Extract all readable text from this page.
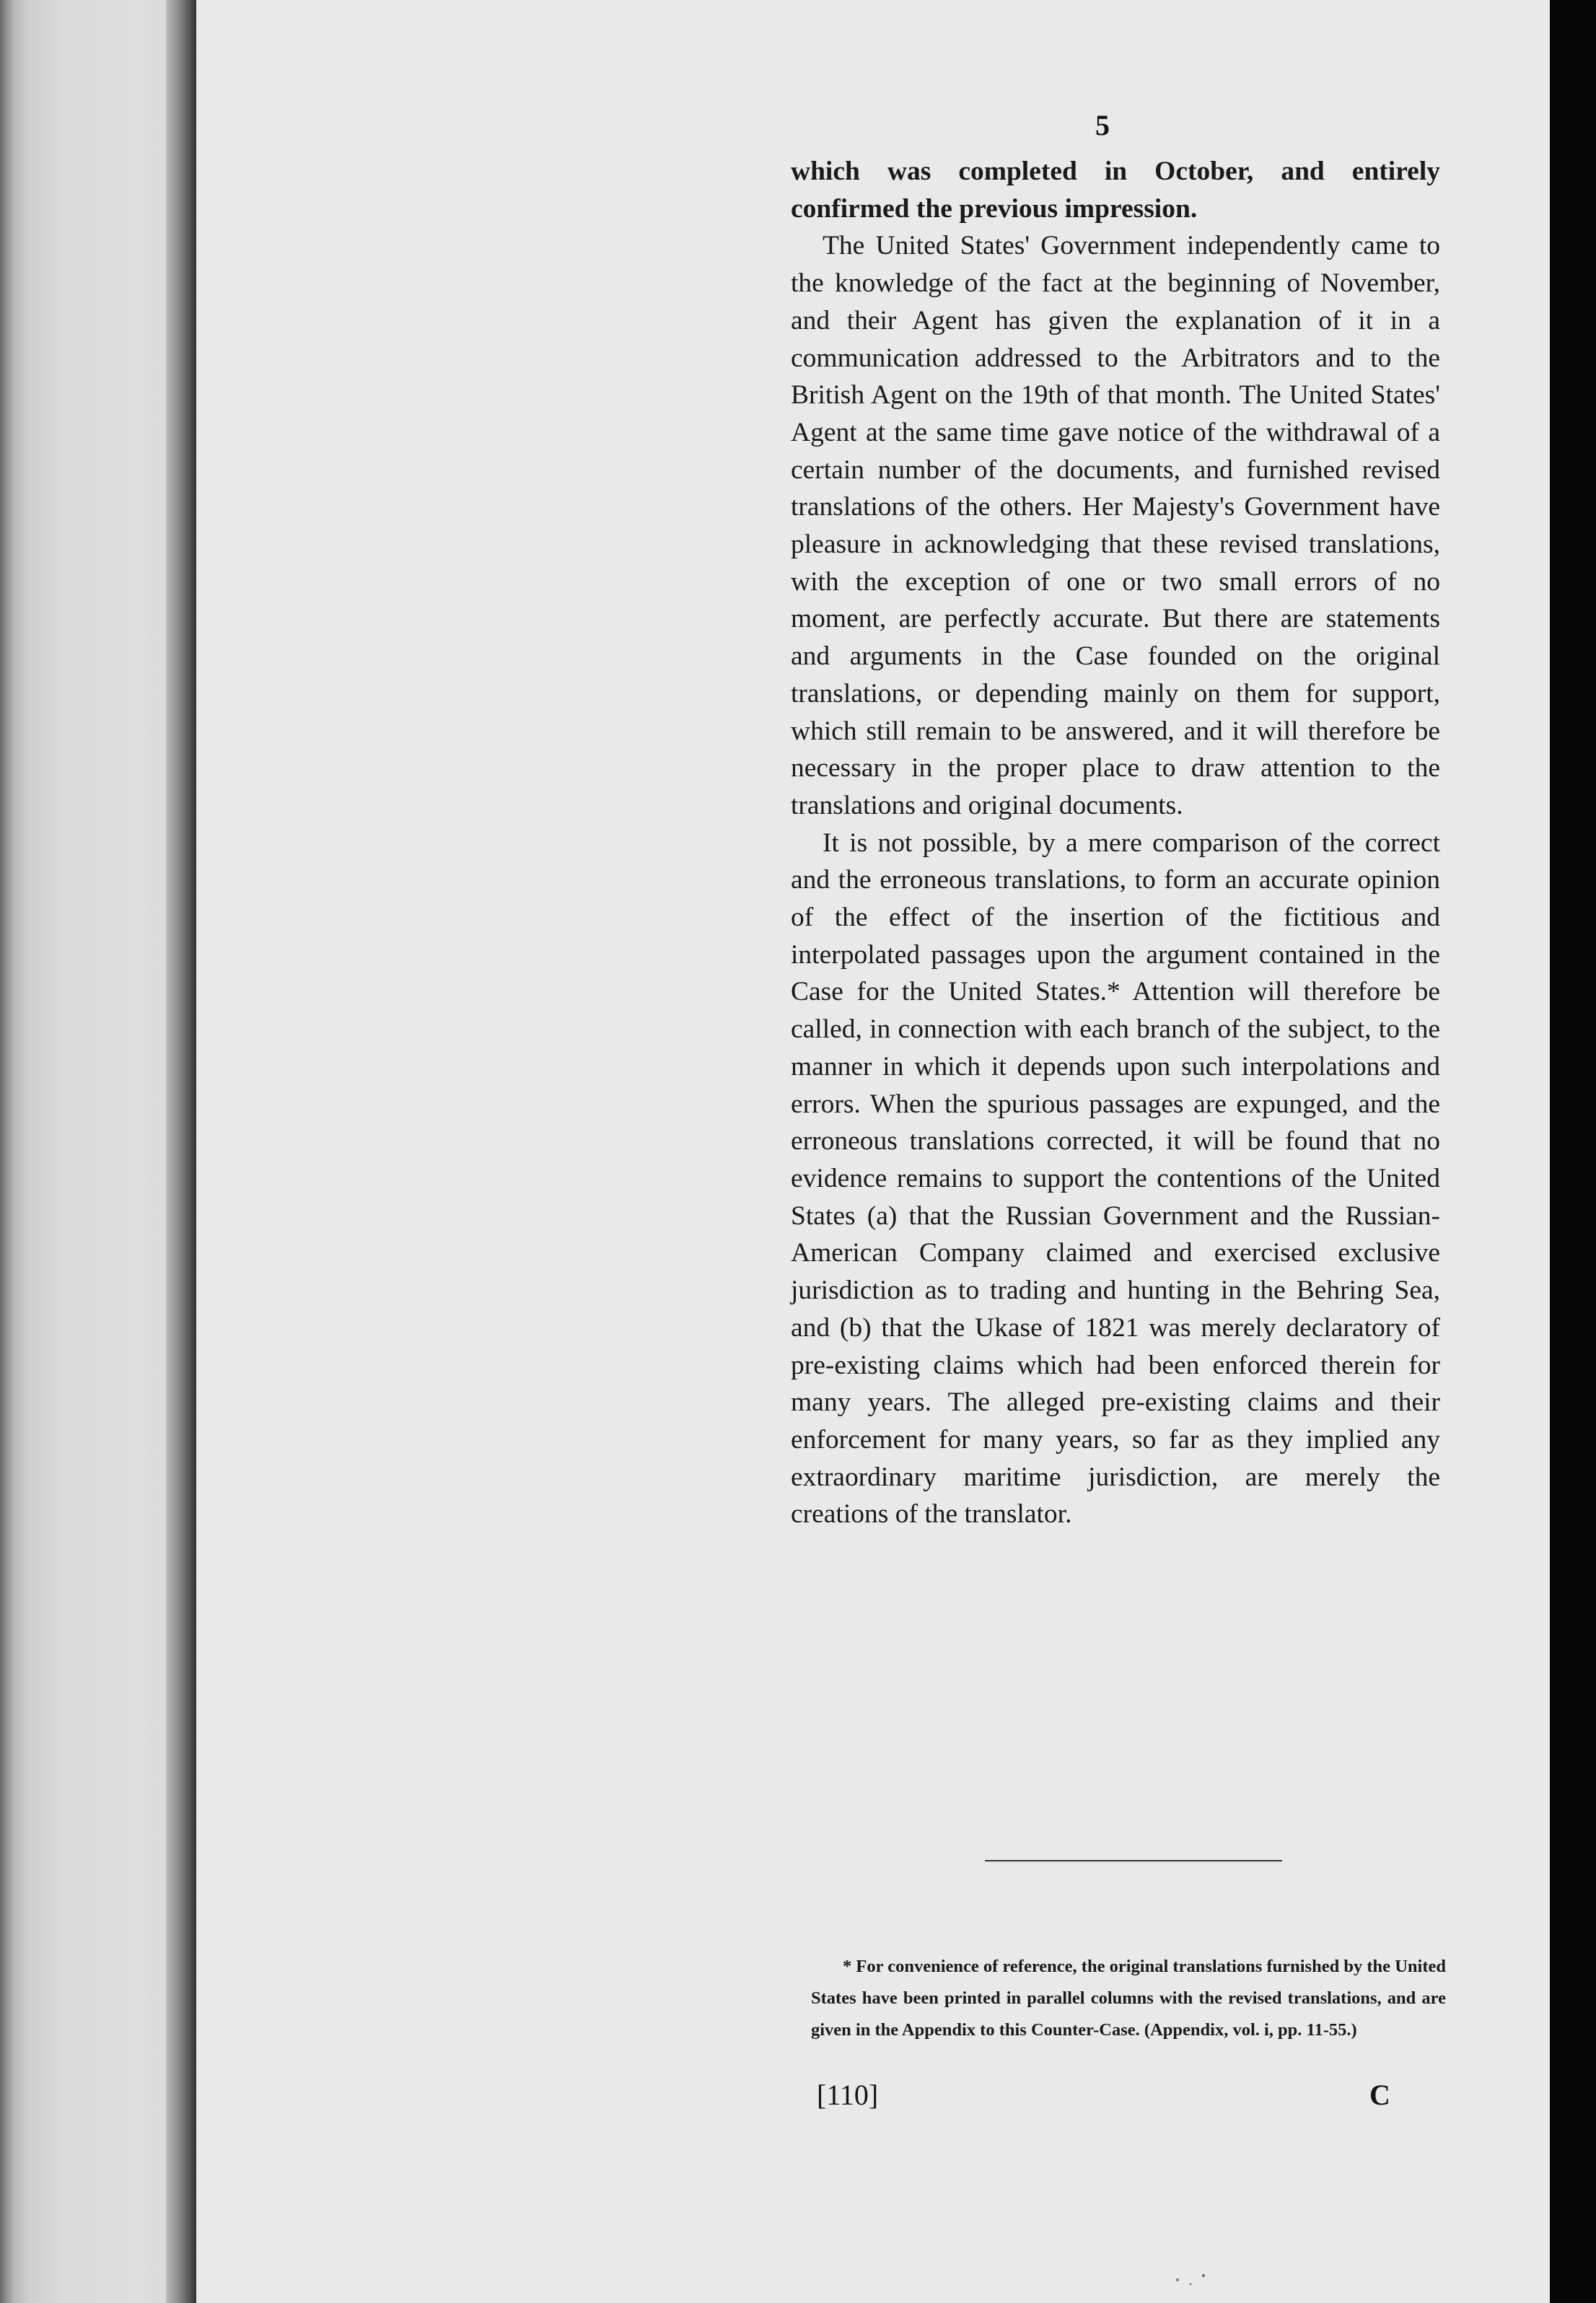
5

which was completed in October, and entirely confirmed the previous impression.

The United States' Government independently came to the knowledge of the fact at the beginning of November, and their Agent has given the explanation of it in a communication addressed to the Arbitrators and to the British Agent on the 19th of that month. The United States' Agent at the same time gave notice of the withdrawal of a certain number of the documents, and furnished revised translations of the others. Her Majesty's Government have pleasure in acknowledging that these revised translations, with the exception of one or two small errors of no moment, are perfectly accurate. But there are statements and arguments in the Case founded on the original translations, or depending mainly on them for support, which still remain to be answered, and it will therefore be necessary in the proper place to draw attention to the translations and original documents.

It is not possible, by a mere comparison of the correct and the erroneous translations, to form an accurate opinion of the effect of the insertion of the fictitious and interpolated passages upon the argument contained in the Case for the United States.* Attention will therefore be called, in connection with each branch of the subject, to the manner in which it depends upon such interpolations and errors. When the spurious passages are expunged, and the erroneous translations corrected, it will be found that no evidence remains to support the contentions of the United States (a) that the Russian Government and the Russian-American Company claimed and exercised exclusive jurisdiction as to trading and hunting in the Behring Sea, and (b) that the Ukase of 1821 was merely declaratory of pre-existing claims which had been enforced therein for many years. The alleged pre-existing claims and their enforcement for many years, so far as they implied any extraordinary maritime jurisdiction, are merely the creations of the translator.

* For convenience of reference, the original translations furnished by the United States have been printed in parallel columns with the revised translations, and are given in the Appendix to this Counter-Case. (Appendix, vol. i, pp. 11-55.)
[110]	C
